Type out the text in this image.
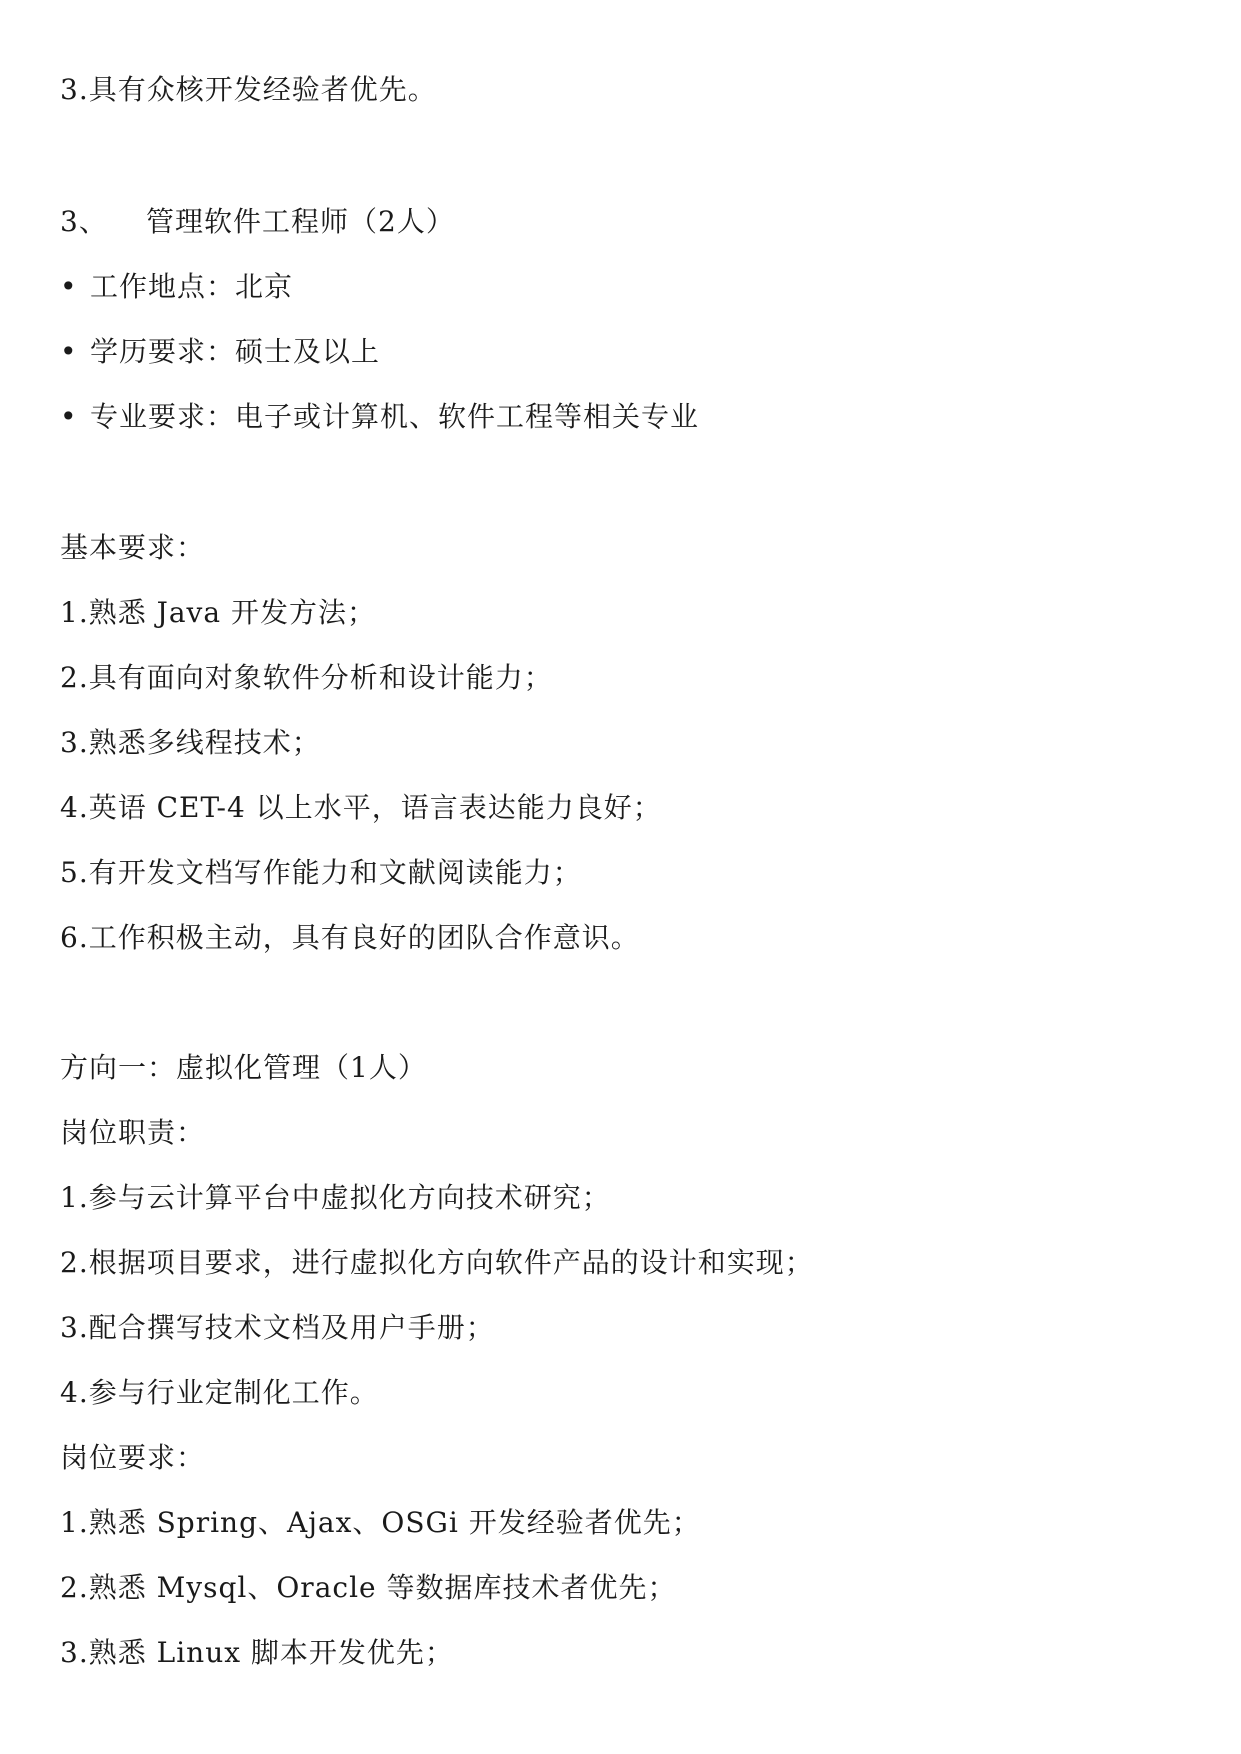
3.具有众核开发经验者优先。
3、 管理软件工程师（2人）
• 工作地点：北京
• 学历要求：硕士及以上
• 专业要求：电子或计算机、软件工程等相关专业
基本要求：
1.熟悉 Java 开发方法；
2.具有面向对象软件分析和设计能力；
3.熟悉多线程技术；
4.英语 CET-4 以上水平，语言表达能力良好；
5.有开发文档写作能力和文献阅读能力；
6.工作积极主动，具有良好的团队合作意识。
方向一：虚拟化管理（1人）
岗位职责：
1.参与云计算平台中虚拟化方向技术研究；
2.根据项目要求，进行虚拟化方向软件产品的设计和实现；
3.配合撰写技术文档及用户手册；
4.参与行业定制化工作。
岗位要求：
1.熟悉 Spring、Ajax、OSGi 开发经验者优先；
2.熟悉 Mysql、Oracle 等数据库技术者优先；
3.熟悉 Linux 脚本开发优先；
